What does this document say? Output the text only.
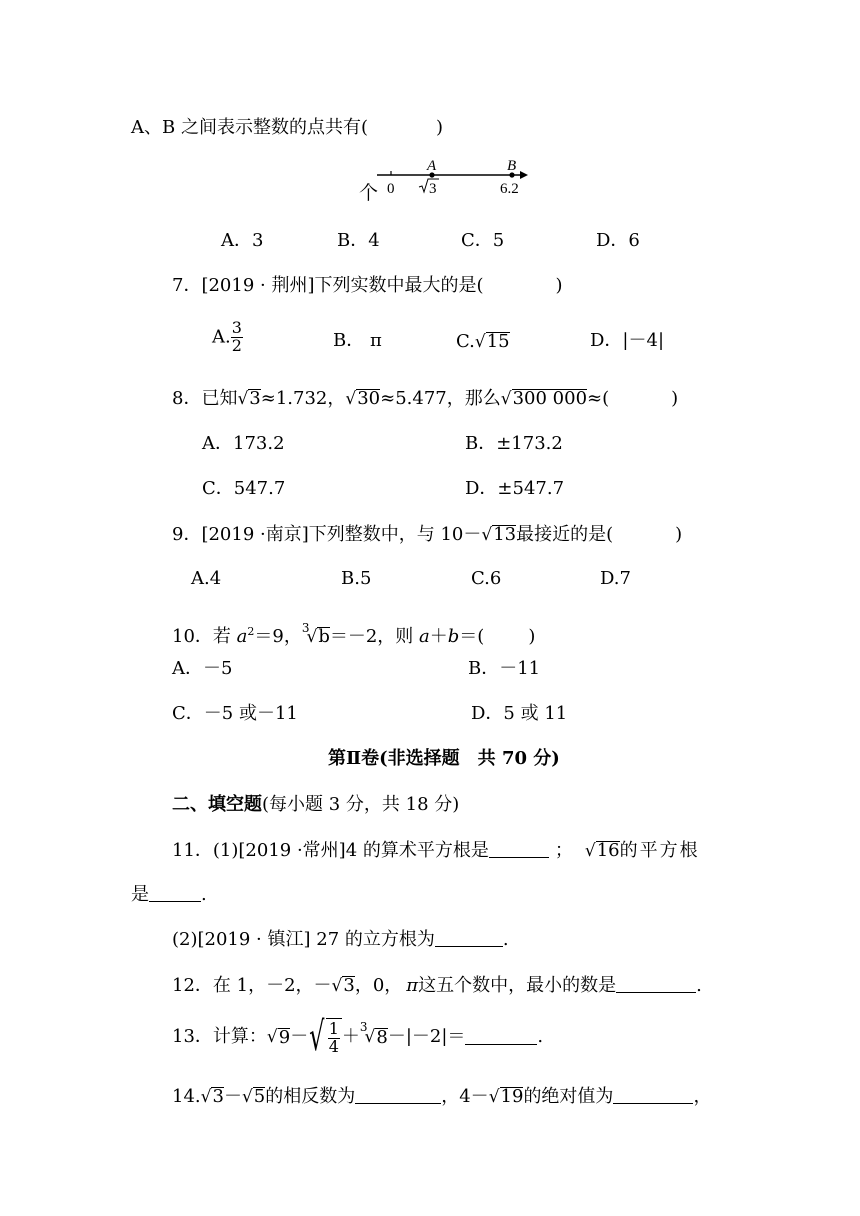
A、B 之间表示整数的点共有(	)
A	B
0 3	6.2
个
A．3	B．4	C．5	D．6
7．[2019 · 荆州]下列实数中最大的是(	)
A. $\frac{3}{2}$	B． π	C.√15	D．|－4|
8．已知√3≈1.732，√30≈5.477，那么√300 000≈(	)
A．173.2	B．±173.2
C．547.7	D．±547.7
9．[2019 ·南京]下列整数中，与 10－√13最接近的是(	)
A.4	B.5	C.6	D.7
10．若 $a^2=9$，$^3$√b＝－2，则 a＋b＝( )
A．－5	B．－11
C．－5 或－11	D．5 或 11
第Ⅱ卷(非选择题　共 70 分)
二、填空题(每小题 3 分，共 18 分)
11．(1)[2019 ·常州]4 的算术平方根是	； √16的平方根
是	.
(2)[2019 · 镇江] 27 的立方根为	.
12．在 1，－2，－√3，0， π这五个数中，最小的数是	.
13．计算：$√9-√ \frac{1}{4} +^3√8-|-2|=$	.
14.√3－√5的相反数为	，4－√19的绝对值为	，
